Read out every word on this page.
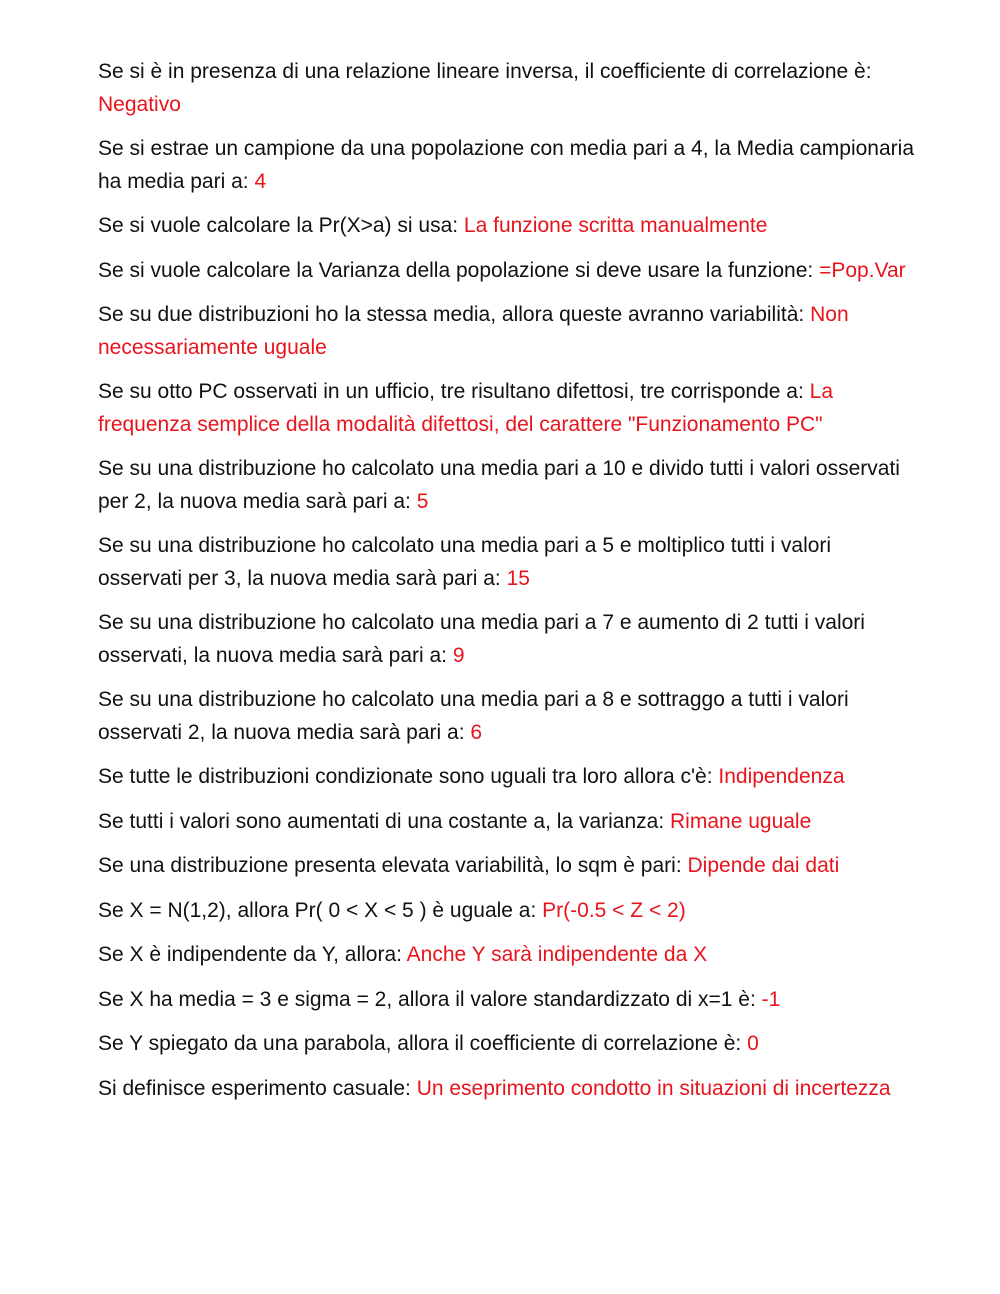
Se si è in presenza di una relazione lineare inversa, il coefficiente di correlazione è: Negativo

Se si estrae un campione da una popolazione con media pari a 4, la Media campionaria ha media pari a: 4

Se si vuole calcolare la Pr(X>a) si usa: La funzione scritta manualmente

Se si vuole calcolare la Varianza della popolazione si deve usare la funzione: =Pop.Var

Se su due distribuzioni ho la stessa media, allora queste avranno variabilità: Non necessariamente uguale

Se su otto PC osservati in un ufficio, tre risultano difettosi, tre corrisponde a: La frequenza semplice della modalità difettosi, del carattere "Funzionamento PC"

Se su una distribuzione ho calcolato una media pari a 10 e divido tutti i valori osservati per 2, la nuova media sarà pari a: 5

Se su una distribuzione ho calcolato una media pari a 5 e moltiplico tutti i valori osservati per 3, la nuova media sarà pari a: 15

Se su una distribuzione ho calcolato una media pari a 7 e aumento di 2 tutti i valori osservati, la nuova media sarà pari a: 9

Se su una distribuzione ho calcolato una media pari a 8 e sottraggo a tutti i valori osservati 2, la nuova media sarà pari a: 6

Se tutte le distribuzioni condizionate sono uguali tra loro allora c'è: Indipendenza

Se tutti i valori sono aumentati di una costante a, la varianza: Rimane uguale

Se una distribuzione presenta elevata variabilità, lo sqm è pari: Dipende dai dati

Se X = N(1,2), allora Pr( 0 < X < 5 ) è uguale a: Pr(-0.5 < Z < 2)

Se X è indipendente da Y, allora: Anche Y sarà indipendente da X

Se X ha media = 3 e sigma = 2, allora il valore standardizzato di x=1 è: -1

Se Y spiegato da una parabola, allora il coefficiente di correlazione è: 0

Si definisce esperimento casuale: Un eseprimento condotto in situazioni di incertezza
